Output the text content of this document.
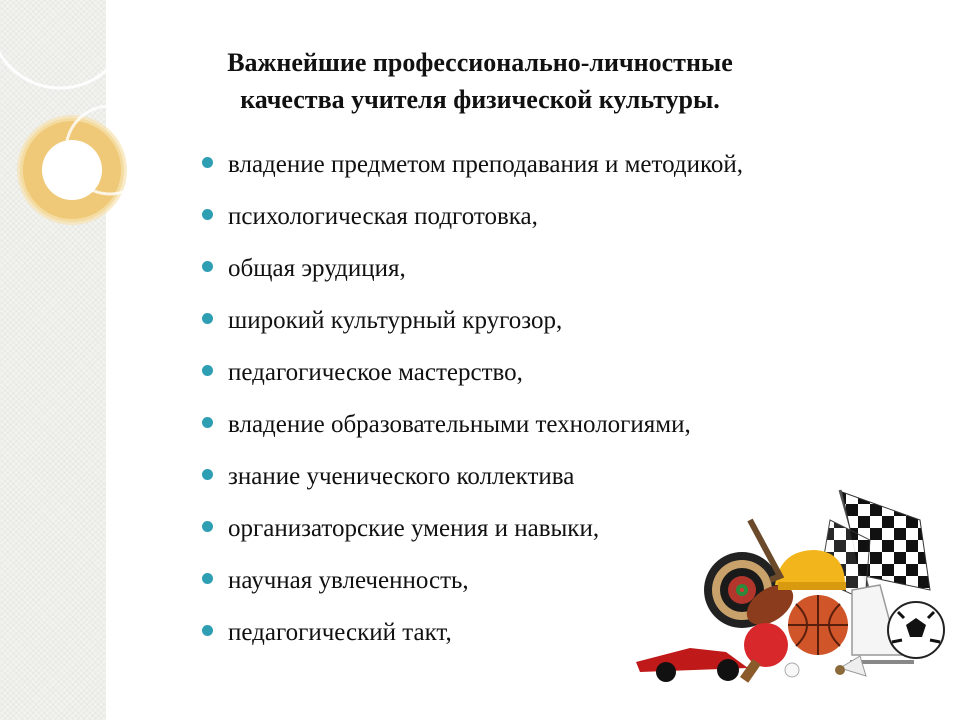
Важнейшие профессионально-личностные
качества учителя физической культуры.
владение предметом преподавания и методикой,
психологическая подготовка,
общая эрудиция,
широкий культурный кругозор,
педагогическое мастерство,
владение образовательными технологиями,
знание ученического коллектива
организаторские умения и навыки,
научная увлеченность,
педагогический такт,
